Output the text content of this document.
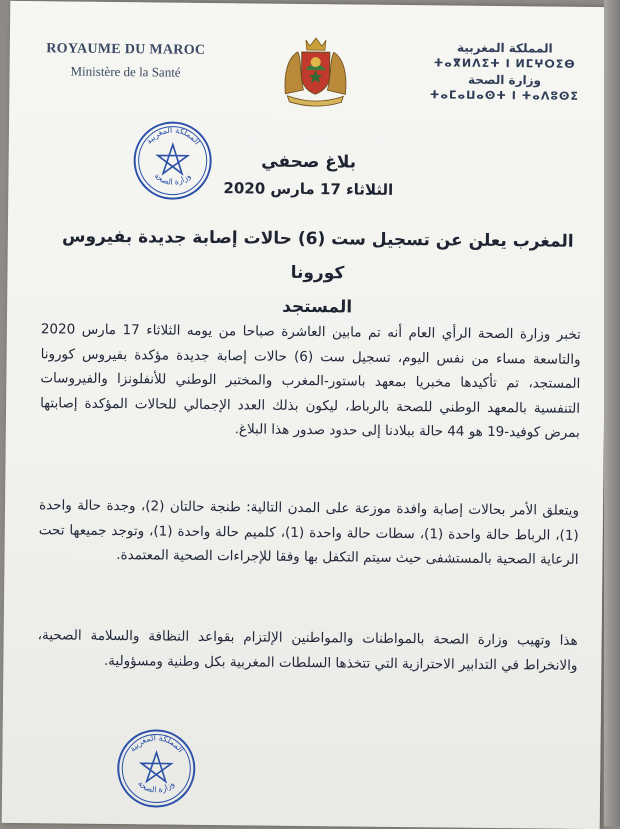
ROYAUME DU MAROC
Ministère de la Santé
المملكة المغربية
ⵜⴰⴳⵍⴷⵉⵜ ⵏ ⵍⵎⵖⵔⵉⴱ
وزارة الصحة
ⵜⴰⵎⴰⵡⴰⵙⵜ ⵏ ⵜⴰⴷⵓⵙⵉ
المملكة المغربية
وزارة الصحة
بلاغ صحفي
الثلاثاء 17 مارس 2020
المغرب يعلن عن تسجيل ست (6) حالات إصابة جديدة بفيروس كورونا
المستجد
تخبر وزارة الصحة الرأي العام أنه تم مابين العاشرة صباحا من يومه الثلاثاء 17 مارس 2020 والتاسعة مساء من نفس اليوم، تسجيل ست (6) حالات إصابة جديدة مؤكدة بفيروس كورونا المستجد، تم تأكيدها مخبريا بمعهد باستور-المغرب والمختبر الوطني للأنفلونزا والفيروسات التنفسية بالمعهد الوطني للصحة بالرباط، ليكون بذلك العدد الإجمالي للحالات المؤكدة إصابتها بمرض كوفيد-19 هو 44 حالة ببلادنا إلى حدود صدور هذا البلاغ.
ويتعلق الأمر بحالات إصابة وافدة موزعة على المدن التالية: طنجة حالتان (2)، وجدة حالة واحدة (1)، الرباط حالة واحدة (1)، سطات حالة واحدة (1)، كلميم حالة واحدة (1)، وتوجد جميعها تحت الرعاية الصحية بالمستشفى حيث سيتم التكفل بها وفقا للإجراءات الصحية المعتمدة.
هذا وتهيب وزارة الصحة بالمواطنات والمواطنين الإلتزام بقواعد النظافة والسلامة الصحية، والانخراط في التدابير الاحترازية التي تتخذها السلطات المغربية بكل وطنية ومسؤولية.
المملكة المغربية
وزارة الصحة
